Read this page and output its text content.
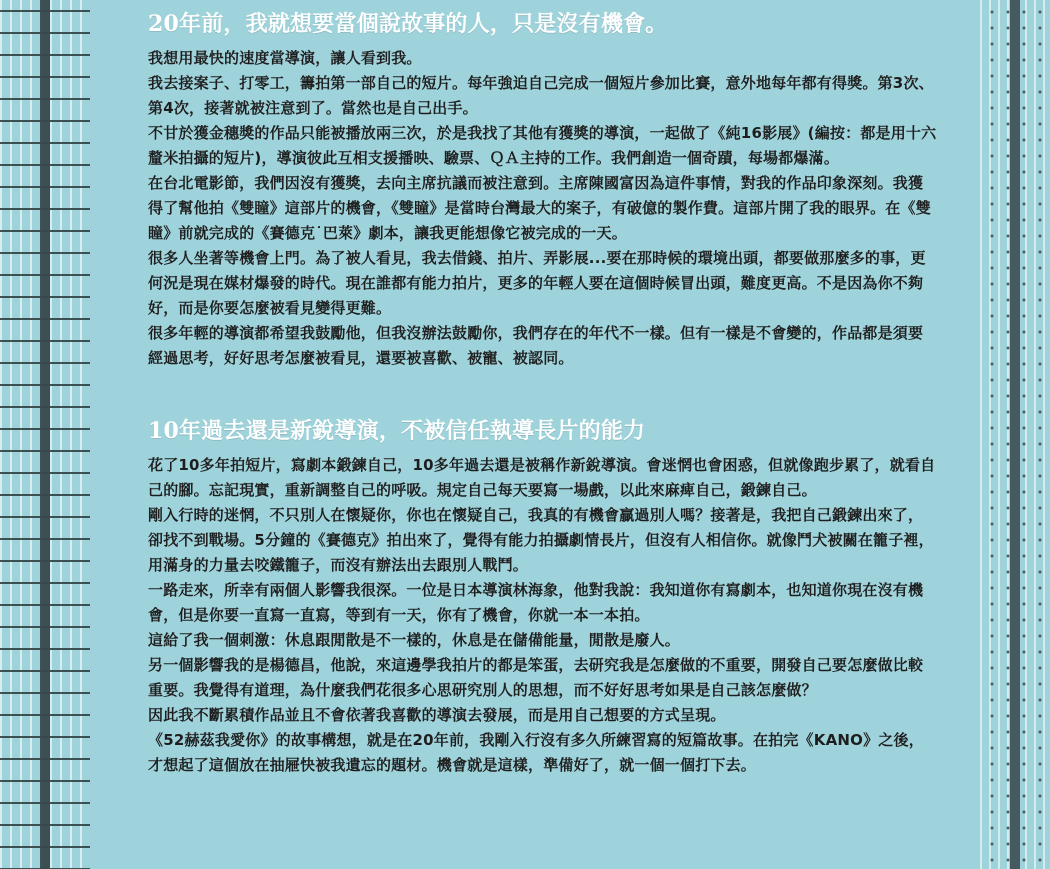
20年前，我就想要當個說故事的人，只是沒有機會。

我想用最快的速度當導演，讓人看到我。

我去接案子、打零工，籌拍第一部自己的短片。每年強迫自己完成一個短片參加比賽，意外地每年都有得獎。第3次、第4次，接著就被注意到了。當然也是自己出手。

不甘於獲金穗獎的作品只能被播放兩三次，於是我找了其他有獲獎的導演，一起做了《純16影展》(編按：都是用十六釐米拍攝的短片)，導演彼此互相支援播映、驗票、ＱＡ主持的工作。我們創造一個奇蹟，每場都爆滿。

在台北電影節，我們因沒有獲獎，去向主席抗議而被注意到。主席陳國富因為這件事情，對我的作品印象深刻。我獲得了幫他拍《雙瞳》這部片的機會，《雙瞳》是當時台灣最大的案子，有破億的製作費。這部片開了我的眼界。在《雙瞳》前就完成的《賽德克˙巴萊》劇本，讓我更能想像它被完成的一天。

很多人坐著等機會上門。為了被人看見，我去借錢、拍片、弄影展...要在那時候的環境出頭，都要做那麼多的事，更何況是現在媒材爆發的時代。現在誰都有能力拍片，更多的年輕人要在這個時候冒出頭，難度更高。不是因為你不夠好，而是你要怎麼被看見變得更難。

很多年輕的導演都希望我鼓勵他，但我沒辦法鼓勵你，我們存在的年代不一樣。但有一樣是不會變的，作品都是須要經過思考，好好思考怎麼被看見，還要被喜歡、被寵、被認同。

10年過去還是新銳導演，不被信任執導長片的能力

花了10多年拍短片，寫劇本鍛鍊自己，10多年過去還是被稱作新銳導演。會迷惘也會困惑，但就像跑步累了，就看自己的腳。忘記現實，重新調整自己的呼吸。規定自己每天要寫一場戲，以此來麻痺自己，鍛鍊自己。

剛入行時的迷惘，不只別人在懷疑你，你也在懷疑自己，我真的有機會贏過別人嗎？接著是，我把自己鍛鍊出來了，卻找不到戰場。5分鐘的《賽德克》拍出來了，覺得有能力拍攝劇情長片，但沒有人相信你。就像鬥犬被關在籠子裡，用滿身的力量去咬鐵籠子，而沒有辦法出去跟別人戰鬥。

一路走來，所幸有兩個人影響我很深。一位是日本導演林海象，他對我說：我知道你有寫劇本，也知道你現在沒有機會，但是你要一直寫一直寫，等到有一天，你有了機會，你就一本一本拍。

這給了我一個刺激：休息跟閒散是不一樣的，休息是在儲備能量，閒散是廢人。

另一個影響我的是楊德昌，他說，來這邊學我拍片的都是笨蛋，去研究我是怎麼做的不重要，開發自己要怎麼做比較重要。我覺得有道理，為什麼我們花很多心思研究別人的思想，而不好好思考如果是自己該怎麼做？

因此我不斷累積作品並且不會依著我喜歡的導演去發展，而是用自己想要的方式呈現。

《52赫茲我愛你》的故事構想，就是在20年前，我剛入行沒有多久所練習寫的短篇故事。在拍完《KANO》之後，才想起了這個放在抽屜快被我遺忘的題材。機會就是這樣，準備好了，就一個一個打下去。
